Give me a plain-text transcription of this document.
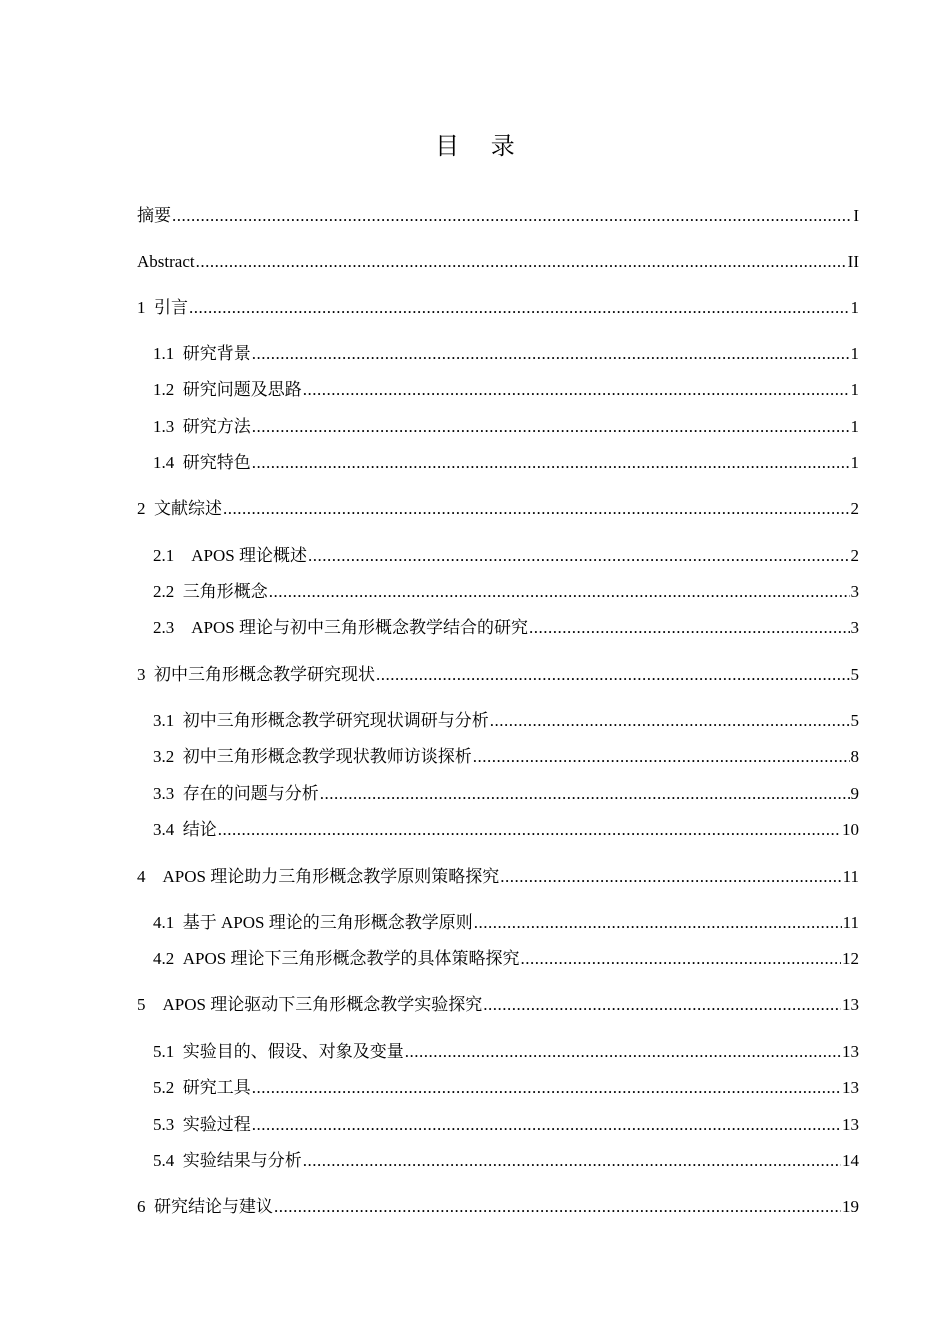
目 录
摘要 .....	I
Abstract .....	II
1 引言 .....	1
1.1 研究背景 .....	1
1.2 研究问题及思路 .....	1
1.3 研究方法 .....	1
1.4 研究特色 .....	1
2 文献综述 .....	2
2.1 APOS 理论概述 .....	2
2.2 三角形概念 .....	3
2.3 APOS 理论与初中三角形概念教学结合的研究 .....	3
3 初中三角形概念教学研究现状 .....	5
3.1 初中三角形概念教学研究现状调研与分析 .....	5
3.2 初中三角形概念教学现状教师访谈探析 .....	8
3.3 存在的问题与分析 .....	9
3.4 结论 .....	10
4 APOS 理论助力三角形概念教学原则策略探究 .....	11
4.1 基于 APOS 理论的三角形概念教学原则 .....	11
4.2 APOS 理论下三角形概念教学的具体策略探究 .....	12
5 APOS 理论驱动下三角形概念教学实验探究 .....	13
5.1 实验目的、假设、对象及变量 .....	13
5.2 研究工具 .....	13
5.3 实验过程 .....	13
5.4 实验结果与分析 .....	14
6 研究结论与建议 .....	19
